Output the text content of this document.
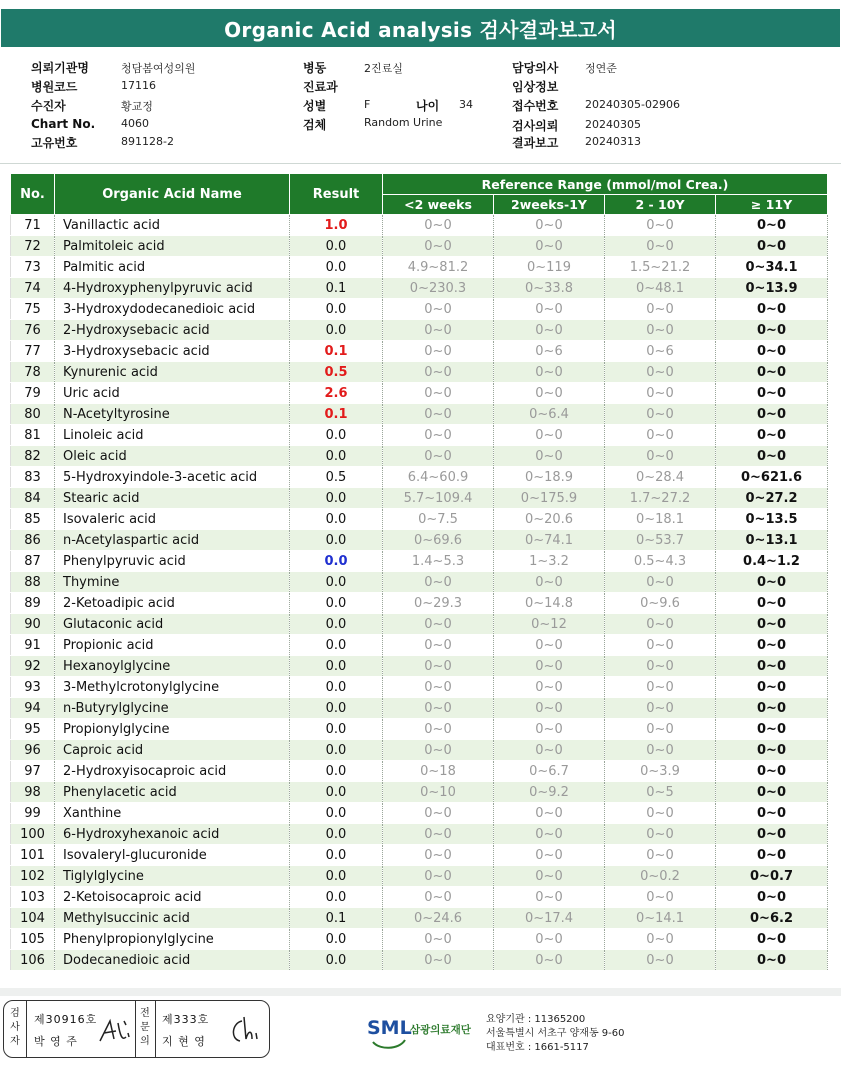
Organic Acid analysis 검사결과보고서
의뢰기관명	청담봄여성의원
병원코드	17116
수진자	황교정
Chart No. 4060
고유번호	891128-2
병동	2진료실
진료과
성별	F	나이 34
검체	Random Urine
담당의사 정연준
임상정보
접수번호 20240305-02906
검사의뢰 20240305
결과보고 20240313
No.	Organic Acid Name	Result	Reference Range (mmol/mol Crea.)			
			<2 weeks	2weeks-1Y	2 - 10Y	≥ 11Y
71	Vanillactic acid	1.0	0~0	0~0	0~0	0~0
72	Palmitoleic acid	0.0	0~0	0~0	0~0	0~0
73	Palmitic acid	0.0	4.9~81.2	0~119	1.5~21.2	0~34.1
74	4-Hydroxyphenylpyruvic acid	0.1	0~230.3	0~33.8	0~48.1	0~13.9
75	3-Hydroxydodecanedioic acid	0.0	0~0	0~0	0~0	0~0
76	2-Hydroxysebacic acid	0.0	0~0	0~0	0~0	0~0
77	3-Hydroxysebacic acid	0.1	0~0	0~6	0~6	0~0
78	Kynurenic acid	0.5	0~0	0~0	0~0	0~0
79	Uric acid	2.6	0~0	0~0	0~0	0~0
80	N-Acetyltyrosine	0.1	0~0	0~6.4	0~0	0~0
81	Linoleic acid	0.0	0~0	0~0	0~0	0~0
82	Oleic acid	0.0	0~0	0~0	0~0	0~0
83	5-Hydroxyindole-3-acetic acid	0.5	6.4~60.9	0~18.9	0~28.4	0~621.6
84	Stearic acid	0.0	5.7~109.4	0~175.9	1.7~27.2	0~27.2
85	Isovaleric acid	0.0	0~7.5	0~20.6	0~18.1	0~13.5
86	n-Acetylaspartic acid	0.0	0~69.6	0~74.1	0~53.7	0~13.1
87	Phenylpyruvic acid	0.0	1.4~5.3	1~3.2	0.5~4.3	0.4~1.2
88	Thymine	0.0	0~0	0~0	0~0	0~0
89	2-Ketoadipic acid	0.0	0~29.3	0~14.8	0~9.6	0~0
90	Glutaconic acid	0.0	0~0	0~12	0~0	0~0
91	Propionic acid	0.0	0~0	0~0	0~0	0~0
92	Hexanoylglycine	0.0	0~0	0~0	0~0	0~0
93	3-Methylcrotonylglycine	0.0	0~0	0~0	0~0	0~0
94	n-Butyrylglycine	0.0	0~0	0~0	0~0	0~0
95	Propionylglycine	0.0	0~0	0~0	0~0	0~0
96	Caproic acid	0.0	0~0	0~0	0~0	0~0
97	2-Hydroxyisocaproic acid	0.0	0~18	0~6.7	0~3.9	0~0
98	Phenylacetic acid	0.0	0~10	0~9.2	0~5	0~0
99	Xanthine	0.0	0~0	0~0	0~0	0~0
100	6-Hydroxyhexanoic acid	0.0	0~0	0~0	0~0	0~0
101	Isovaleryl-glucuronide	0.0	0~0	0~0	0~0	0~0
102	Tiglylglycine	0.0	0~0	0~0	0~0.2	0~0.7
103	2-Ketoisocaproic acid	0.0	0~0	0~0	0~0	0~0
104	Methylsuccinic acid	0.1	0~24.6	0~17.4	0~14.1	0~6.2
105	Phenylpropionylglycine	0.0	0~0	0~0	0~0	0~0
106	Dodecanedioic acid	0.0	0~0	0~0	0~0	0~0
검
사
자
제30916호
박 영 주
전
문
의
제333호
지 현 영
SML
삼광의료재단
요양기관 : 11365200
서울특별시 서초구 양재동 9-60
대표번호 : 1661-5117
